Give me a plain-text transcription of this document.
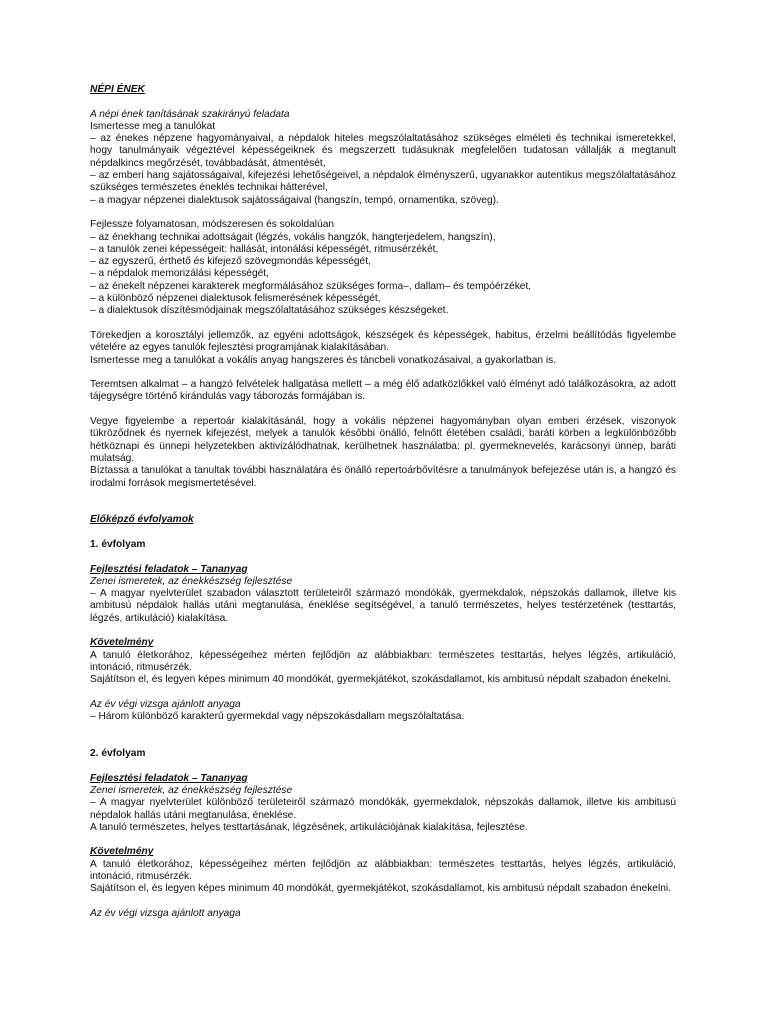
NÉPI ÉNEK

A népi ének tanításának szakirányú feladata

Ismertesse meg a tanulókat

– az énekes népzene hagyományaival, a népdalok hiteles megszólaltatásához szükséges elméleti és technikai ismeretekkel, hogy tanulmányaik végeztével képességeiknek és megszerzett tudásuknak megfelelően tudatosan vállalják a megtanult népdalkincs megőrzését, továbbadását, átmentését,

– az emberi hang sajátosságaival, kifejezési lehetőségeivel, a népdalok élményszerű, ugyanakkor autentikus megszólaltatásához szükséges természetes éneklés technikai hátterével,

– a magyar népzenei dialektusok sajátosságaival (hangszín, tempó, ornamentika, szöveg).

Fejlessze folyamatosan, módszeresen és sokoldalúan

– az énekhang technikai adottságait (légzés, vokális hangzók, hangterjedelem, hangszín),

– a tanulók zenei képességeit: hallását, intonálási képességét, ritmusérzékét,

– az egyszerű, érthető és kifejező szövegmondás képességét,

– a népdalok memorizálási képességét,

– az énekelt népzenei karakterek megformálásához szükséges forma–, dallam– és tempóérzéket,

– a különböző népzenei dialektusok felismerésének képességét,

– a dialektusok díszítésmódjainak megszólaltatásához szükséges készségeket.

Törekedjen a korosztályi jellemzők, az egyéni adottságok, készségek és képességek, habitus, érzelmi beállítódás figyelembe vételére az egyes tanulók fejlesztési programjának kialakításában.

Ismertesse meg a tanulókat a vokális anyag hangszeres és táncbeli vonatkozásaival, a gyakorlatban is.

Teremtsen alkalmat – a hangzó felvételek hallgatása mellett – a még élő adatközlőkkel való élményt adó találkozásokra, az adott tájegységre történő kirándulás vagy táborozás formájában is.

Vegye figyelembe a repertoár kialakításánál, hogy a vokális népzenei hagyományban olyan emberi érzések, viszonyok tükröződnek és nyernek kifejezést, melyek a tanulók későbbi önálló, felnőtt életében családi, baráti körben a legkülönbözőbb hétköznapi és ünnepi helyzetekben aktivizálódhatnak, kerülhetnek használatba: pl. gyermeknevelés, karácsonyi ünnep, baráti mulatság.

Bíztassa a tanulókat a tanultak további használatára és önálló repertoárbővítésre a tanulmányok befejezése után is, a hangzó és irodalmi források megismertetésével.

Előképző évfolyamok

1. évfolyam

Fejlesztési feladatok – Tananyag

Zenei ismeretek, az énekkészség fejlesztése

– A magyar nyelvterület szabadon választott területeiről származó mondókák, gyermekdalok, népszokás dallamok, illetve kis ambitusú népdalok hallás utáni megtanulása, éneklése segítségével, a tanuló természetes, helyes testérzetének (testtartás, légzés, artikuláció) kialakítása.

Követelmény

A tanuló életkorához, képességeihez mérten fejlődjön az alábbiakban: természetes testtartás, helyes légzés, artikuláció, intonáció, ritmusérzék.

Sajátítson el, és legyen képes minimum 40 mondókát, gyermekjátékot, szokásdallamot, kis ambitusú népdalt szabadon énekelni.

Az év végi vizsga ajánlott anyaga

– Három különböző karakterű gyermekdal vagy népszokásdallam megszólaltatása.

2. évfolyam

Fejlesztési feladatok – Tananyag

Zenei ismeretek, az énekkészség fejlesztése

– A magyar nyelvterület különböző területeiről származó mondókák, gyermekdalok, népszokás dallamok, illetve kis ambitusú népdalok hallás utáni megtanulása, éneklése.

A tanuló természetes, helyes testtartásának, légzésének, artikulációjának kialakítása, fejlesztése.

Követelmény

A tanuló életkorához, képességeihez mérten fejlődjön az alábbiakban: természetes testtartás, helyes légzés, artikuláció, intonáció, ritmusérzék.

Sajátítson el, és legyen képes minimum 40 mondókát, gyermekjátékot, szokásdallamot, kis ambitusú népdalt szabadon énekelni.

Az év végi vizsga ajánlott anyaga
